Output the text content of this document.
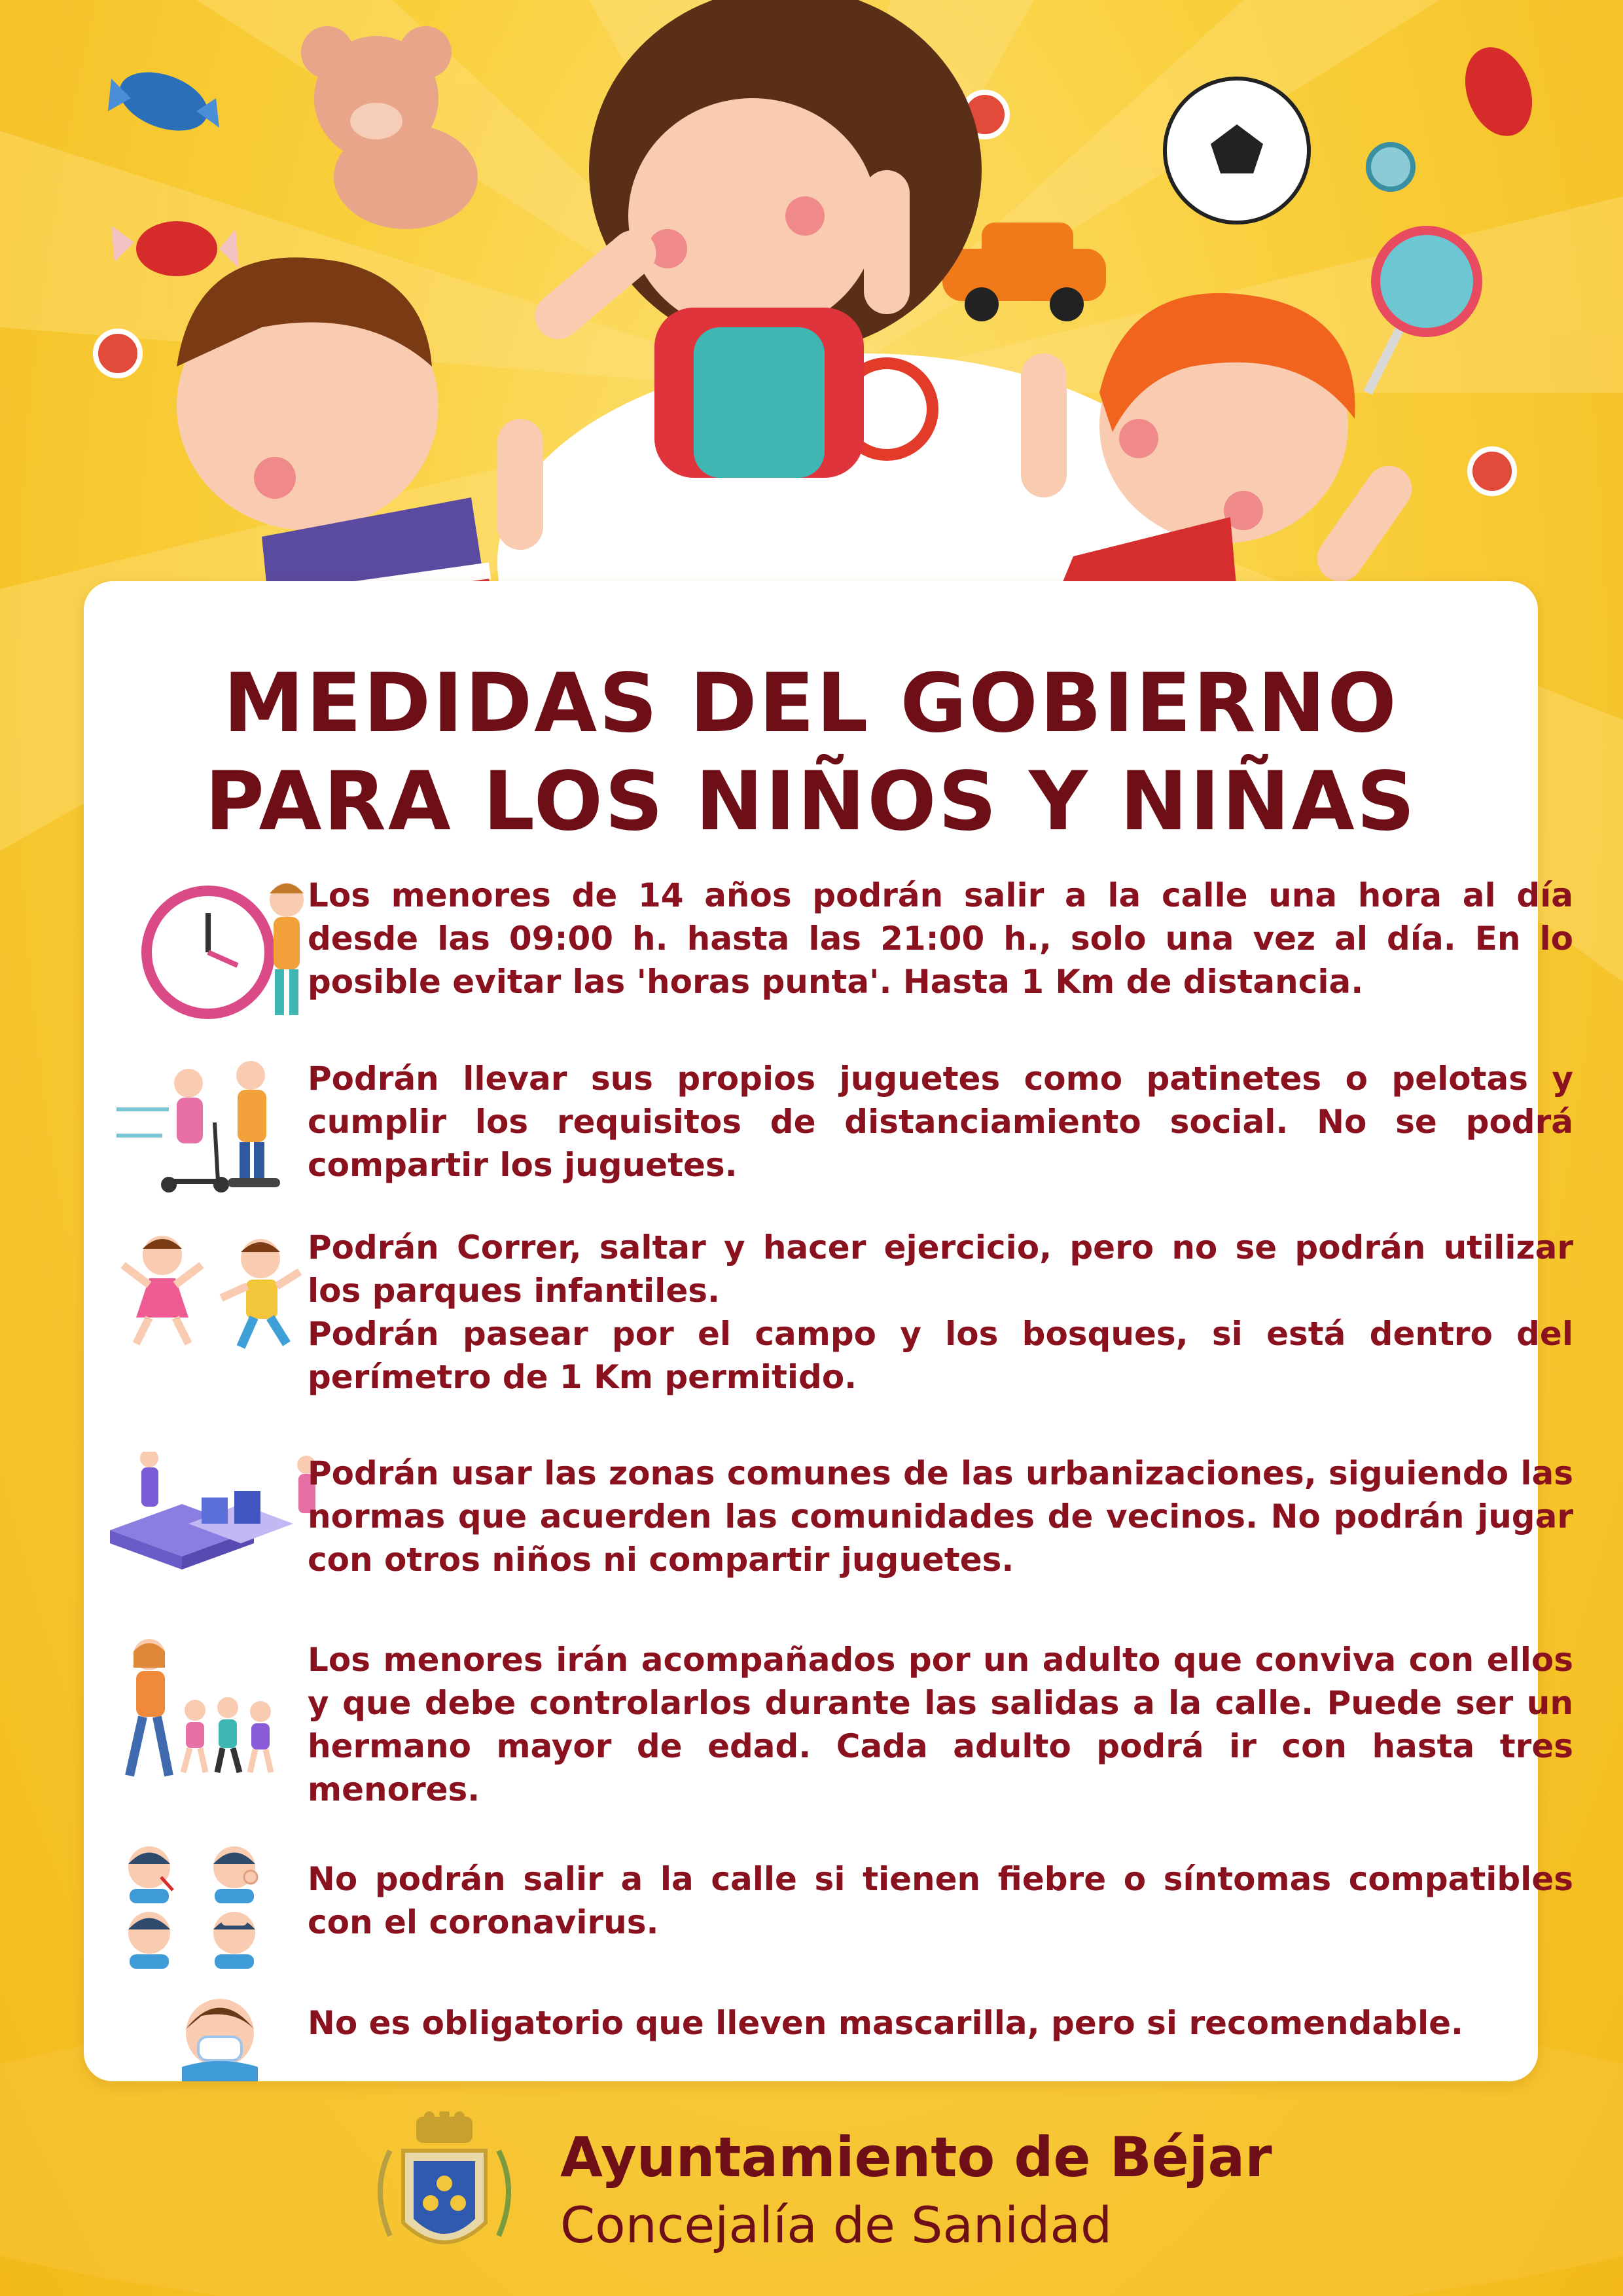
MEDIDAS DEL GOBIERNO
PARA LOS NIÑOS Y NIÑAS

Los menores de 14 años podrán salir a la calle una hora al día desde las 09:00 h. hasta las 21:00 h., solo una vez al día. En lo posible evitar las 'horas punta'. Hasta 1 Km de distancia.

Podrán llevar sus propios juguetes como patinetes o pelotas y cumplir los requisitos de distanciamiento social. No se podrá compartir los juguetes.

Podrán Correr, saltar y hacer ejercicio, pero no se podrán utilizar los parques infantiles.
Podrán pasear por el campo y los bosques, si está dentro del perímetro de 1 Km permitido.

Podrán usar las zonas comunes de las urbanizaciones, siguiendo las normas que acuerden las comunidades de vecinos. No podrán jugar con otros niños ni compartir juguetes.

Los menores irán acompañados por un adulto que conviva con ellos y que debe controlarlos durante las salidas a la calle. Puede ser un hermano mayor de edad. Cada adulto podrá ir con hasta tres menores.

No podrán salir a la calle si tienen fiebre o síntomas compatibles con el coronavirus.

No es obligatorio que lleven mascarilla, pero si recomendable.

Ayuntamiento de Béjar

Concejalía de Sanidad
